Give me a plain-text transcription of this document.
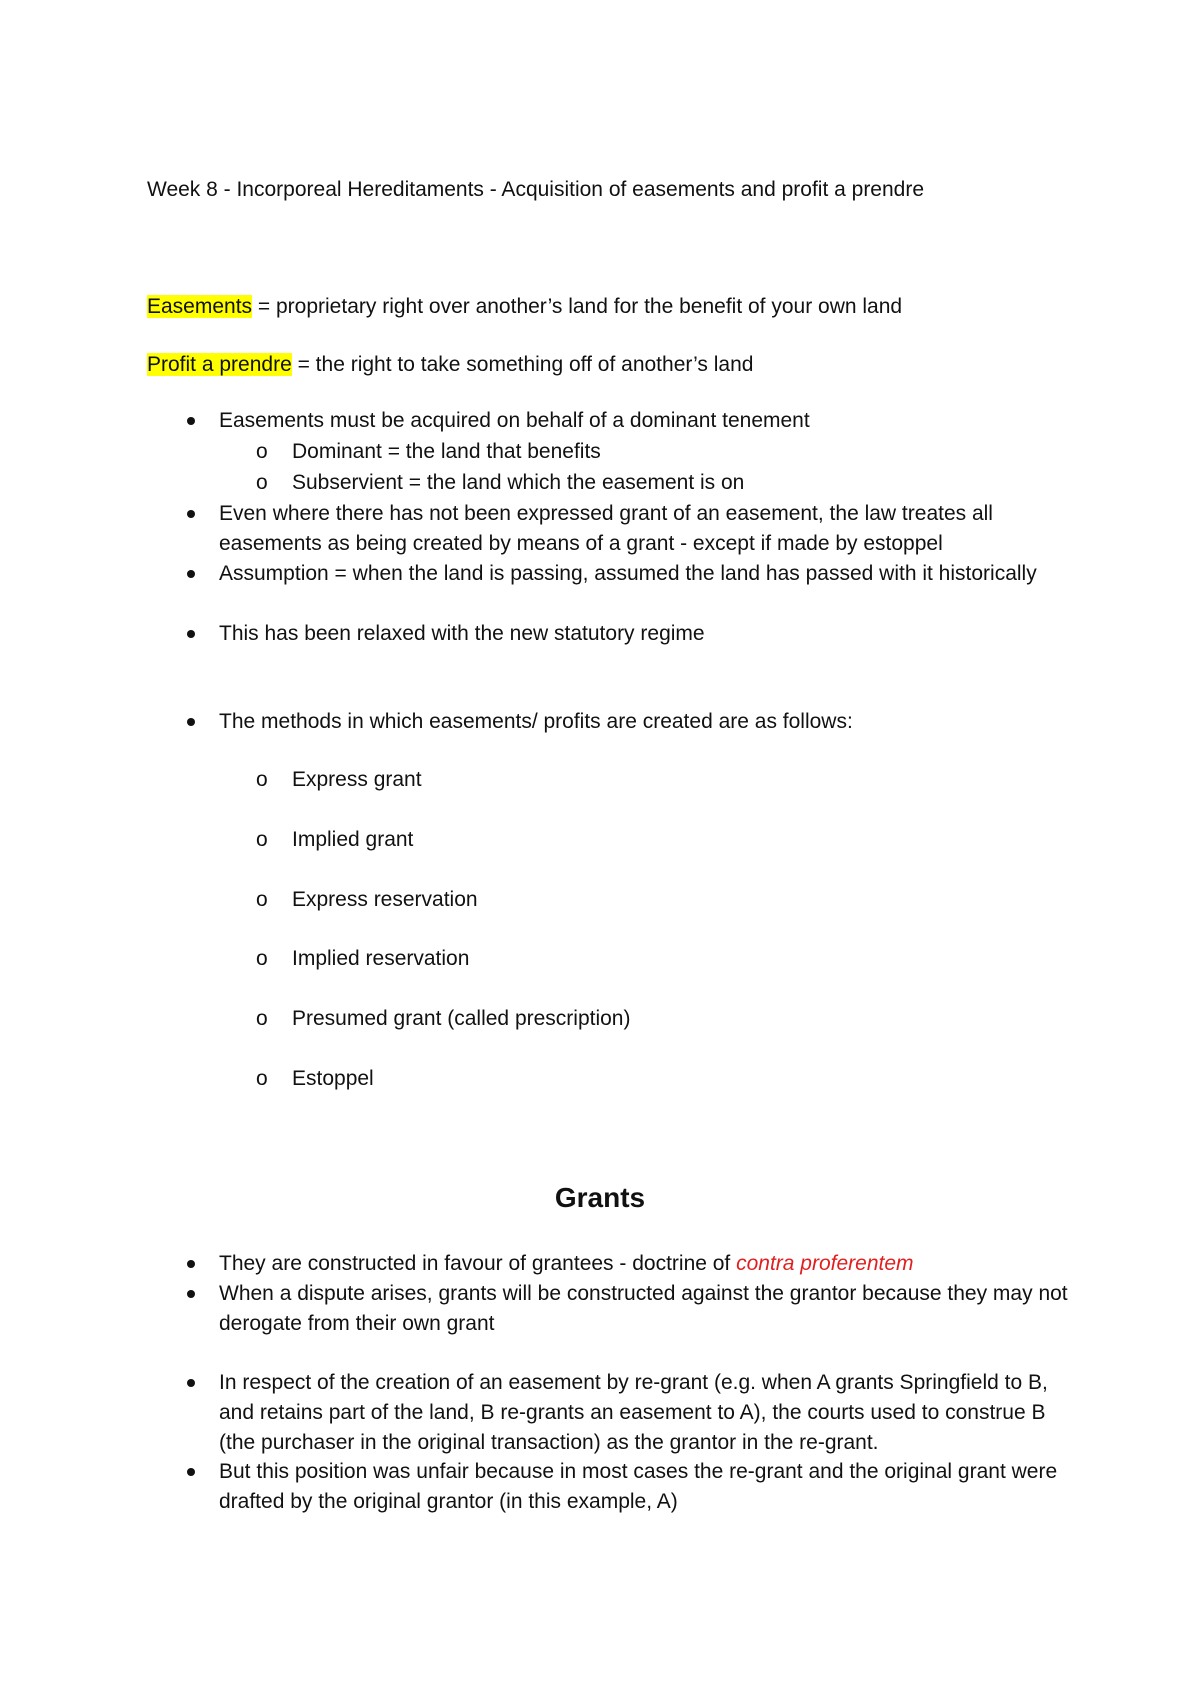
Week 8 - Incorporeal Hereditaments - Acquisition of easements and profit a prendre
Easements = proprietary right over another’s land for the benefit of your own land
Profit a prendre = the right to take something off of another’s land
Easements must be acquired on behalf of a dominant tenement
o Dominant = the land that benefits
o Subservient = the land which the easement is on
Even where there has not been expressed grant of an easement, the law treates all easements as being created by means of a grant - except if made by estoppel
Assumption = when the land is passing, assumed the land has passed with it historically
This has been relaxed with the new statutory regime
The methods in which easements/ profits are created are as follows:
o Express grant
o Implied grant
o Express reservation
o Implied reservation
o Presumed grant (called prescription)
o Estoppel
Grants
They are constructed in favour of grantees - doctrine of contra proferentem
When a dispute arises, grants will be constructed against the grantor because they may not derogate from their own grant
In respect of the creation of an easement by re-grant (e.g. when A grants Springfield to B, and retains part of the land, B re-grants an easement to A), the courts used to construe B (the purchaser in the original transaction) as the grantor in the re-grant.
But this position was unfair because in most cases the re-grant and the original grant were drafted by the original grantor (in this example, A)
